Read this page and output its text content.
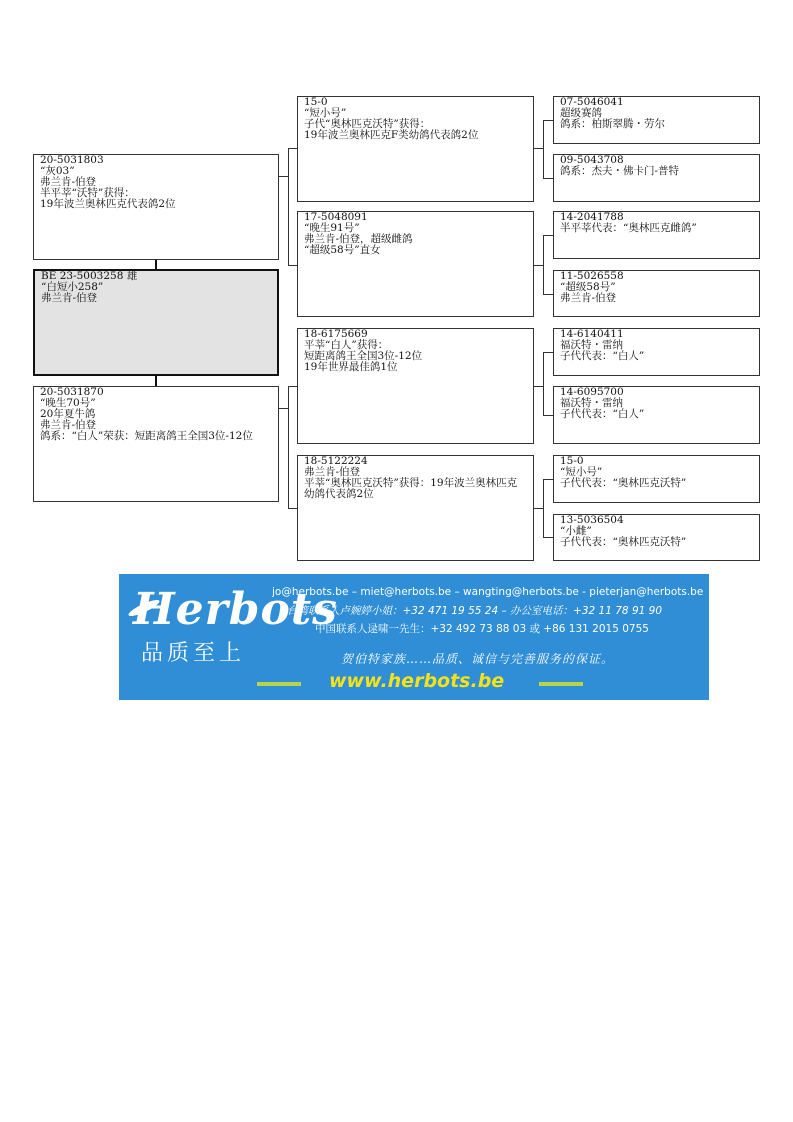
20-5031803
“灰03”
弗兰肯-伯登
半平莘“沃特”获得：
19年波兰奥林匹克代表鸽2位
BE 23-5003258 雄
“白短小258”
弗兰肯-伯登
20-5031870
“晚生70号”
20年夏牛鸽
弗兰肯-伯登
鸽系：“白人”荣获：短距离鸽王全国3位-12位
15-0
“短小号”
子代“奥林匹克沃特”获得：
19年波兰奥林匹克F类幼鸽代表鸽2位
17-5048091
“晚生91号”
弗兰肯-伯登，超级雌鸽
“超级58号”直女
18-6175669
平莘“白人”获得：
短距离鸽王全国3位-12位
19年世界最佳鸽1位
18-5122224
弗兰肯-伯登
平莘“奥林匹克沃特”获得：19年波兰奥林匹克幼鸽代表鸽2位
07-5046041
超级赛鸽
鸽系：柏斯翠腾・劳尔
09-5043708
鸽系：杰夫・佛卡门-普特
14-2041788
半平莘代表：“奥林匹克雌鸽”
11-5026558
“超级58号”
弗兰肯-伯登
14-6140411
福沃特・雷纳
子代代表：“白人”
14-6095700
福沃特・雷纳
子代代表：“白人”
15-0
“短小号”
子代代表：“奥林匹克沃特”
13-5036504
“小雌”
子代代表：“奥林匹克沃特”
Herbots
品质至上
jo@herbots.be – miet@herbots.be – wangting@herbots.be - pieterjan@herbots.be
台湾联系人卢婉婷小姐：+32 471 19 55 24 – 办公室电话：+32 11 78 91 90
中国联系人逯啸一先生：+32 492 73 88 03 或 +86 131 2015 0755
贺伯特家族……品质、诚信与完善服务的保证。
www.herbots.be
